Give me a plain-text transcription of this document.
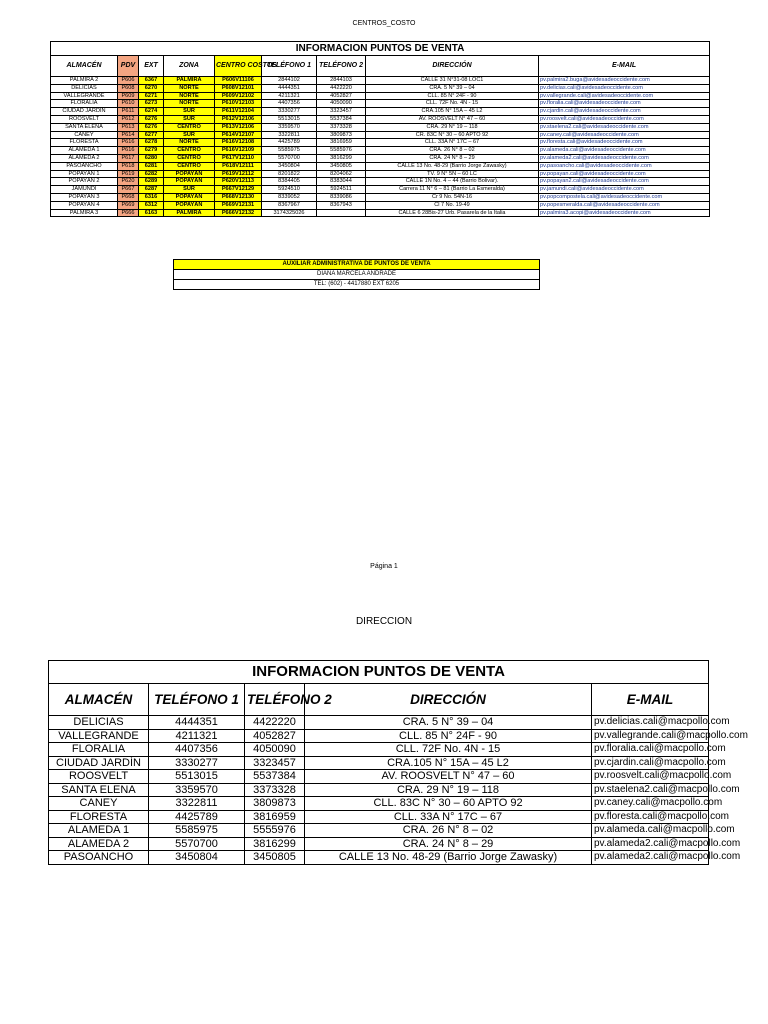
CENTROS_COSTO
INFORMACION PUNTOS DE VENTA								
ALMACÉN	PDV	EXT	ZONA	CENTRO COSTOS	TELÉFONO 1	TELÉFONO 2	DIRECCIÓN	E-MAIL
PALMIRA 2	P606	6367	PALMIRA	P606V11106	2844102	2844103	CALLE 31 N°31-08 LOC1	pv.palmira2.buga@avidesadeoccidente.com
DELICIAS	P608	6270	NORTE	P608V12101	4444351	4422220	CRA. 5 N° 39 – 04	pv.delicias.cali@avidesadeoccidente.com
VALLEGRANDE	P609	6271	NORTE	P609V12102	4211321	4052827	CLL. 85 N° 24F - 90	pv.vallegrande.cali@avidesadeoccidente.com
FLORALIA	P610	6273	NORTE	P610V12103	4407356	4050090	CLL. 72F No. 4N - 15	pv.floralia.cali@avidesadeoccidente.com
CIUDAD JARDÍN	P611	6274	SUR	P611V12104	3330277	3323457	CRA.105 N° 15A – 45 L2	pv.cjardin.cali@avidesadeoccidente.com
ROOSVELT	P612	6276	SUR	P612V12106	5513015	5537384	AV. ROOSVELT N° 47 – 60	pv.roosvelt.cali@avidesadeoccidente.com
SANTA ELENA	P613	6276	CENTRO	P613V12106	3359570	3373328	CRA. 29 N° 19 – 118	pv.staelena2.cali@avidesadeoccidente.com
CANEY	P614	6277	SUR	P614V12107	3322811	3809873	CR. 83C N° 30 – 60 APTO 92	pv.caney.cali@avidesadeoccidente.com
FLORESTA	P616	6278	NORTE	P616V12108	4425789	3816959	CLL. 33A N° 17C – 67	pv.floresta.cali@avidesadeoccidente.com
ALAMEDA 1	P616	6279	CENTRO	P616V12109	5585975	5585976	CRA. 26 N° 8 – 02	pv.alameda.cali@avidesadeoccidente.com
ALAMEDA 2	P617	6280	CENTRO	P617V12110	5570700	3816299	CRA. 24 N° 8 – 29	pv.alameda2.cali@avidesadeoccidente.com
PASOANCHO	P618	6281	CENTRO	P618V12111	3450804	3450805	CALLE 13 No. 48-29 (Barrio Jorge Zawasky)	pv.pasoancho.cali@avidesadeoccidente.com
POPAYÁN 1	P619	6282	POPAYÁN	P619V12112	8201822	8204062	TV. 9 N° 5N – 60 LC	pv.popayan.cali@avidesadeoccidente.com
POPAYÁN 2	P620	6289	POPAYÁN	P620V12113	8384405	8383044	CALLE 1N No. 4 – 44 (Barrio Bolivar).	pv.popayan2.cali@avidesadeoccidente.com
JAMUNDÍ	P667	6287	SUR	P667V12129	5924510	5924511	Carrera 11 N° 6 – 81 (Barrio La Esmeralda)	pv.jamundi.cali@avidesadeoccidente.com
POPAYÁN 3	P668	6316	POPAYÁN	P668V12130	8339052	8339086	Cr 9 No. 54N-16	pv.popcompostela.cali@avidesadeoccidente.com
POPAYÁN 4	P669	6312	POPAYÁN	P669V12131	8367967	8367943	Cl 7 No. 19-49	pv.popesmeralda.cali@avidesadeoccidente.com
PALMIRA 3	P666	6163	PALMIRA	P666V12132	3174325026		CALLE 6 28Bis-27 Urb. Pasarela de la Italia	pv.palmira3.acopi@avidesadeoccidente.com
AUXILIAR ADMINISTRATIVA DE PUNTOS DE VENTA
DIANA MARCELA ANDRADE
TEL: (602) - 4417880 EXT 6205
Página 1
DIRECCION
INFORMACION PUNTOS DE VENTA				
ALMACÉN	TELÉFONO 1	TELÉFONO 2	DIRECCIÓN	E-MAIL
DELICIAS	4444351	4422220	CRA. 5 N° 39 – 04	pv.delicias.cali@macpollo.com
VALLEGRANDE	4211321	4052827	CLL. 85 N° 24F - 90	pv.vallegrande.cali@macpollo.com
FLORALIA	4407356	4050090	CLL. 72F No. 4N - 15	pv.floralia.cali@macpollo.com
CIUDAD JARDÍN	3330277	3323457	CRA.105 N° 15A – 45 L2	pv.cjardin.cali@macpollo.com
ROOSVELT	5513015	5537384	AV. ROOSVELT N° 47 – 60	pv.roosvelt.cali@macpollo.com
SANTA ELENA	3359570	3373328	CRA. 29 N° 19 – 118	pv.staelena2.cali@macpollo.com
CANEY	3322811	3809873	CLL. 83C N° 30 – 60 APTO 92	pv.caney.cali@macpollo.com
FLORESTA	4425789	3816959	CLL. 33A N° 17C – 67	pv.floresta.cali@macpollo.com
ALAMEDA 1	5585975	5555976	CRA. 26 N° 8 – 02	pv.alameda.cali@macpollo.com
ALAMEDA 2	5570700	3816299	CRA. 24 N° 8 – 29	pv.alameda2.cali@macpollo.com
PASOANCHO	3450804	3450805	CALLE 13 No. 48-29 (Barrio Jorge Zawasky)	pv.alameda2.cali@macpollo.com
